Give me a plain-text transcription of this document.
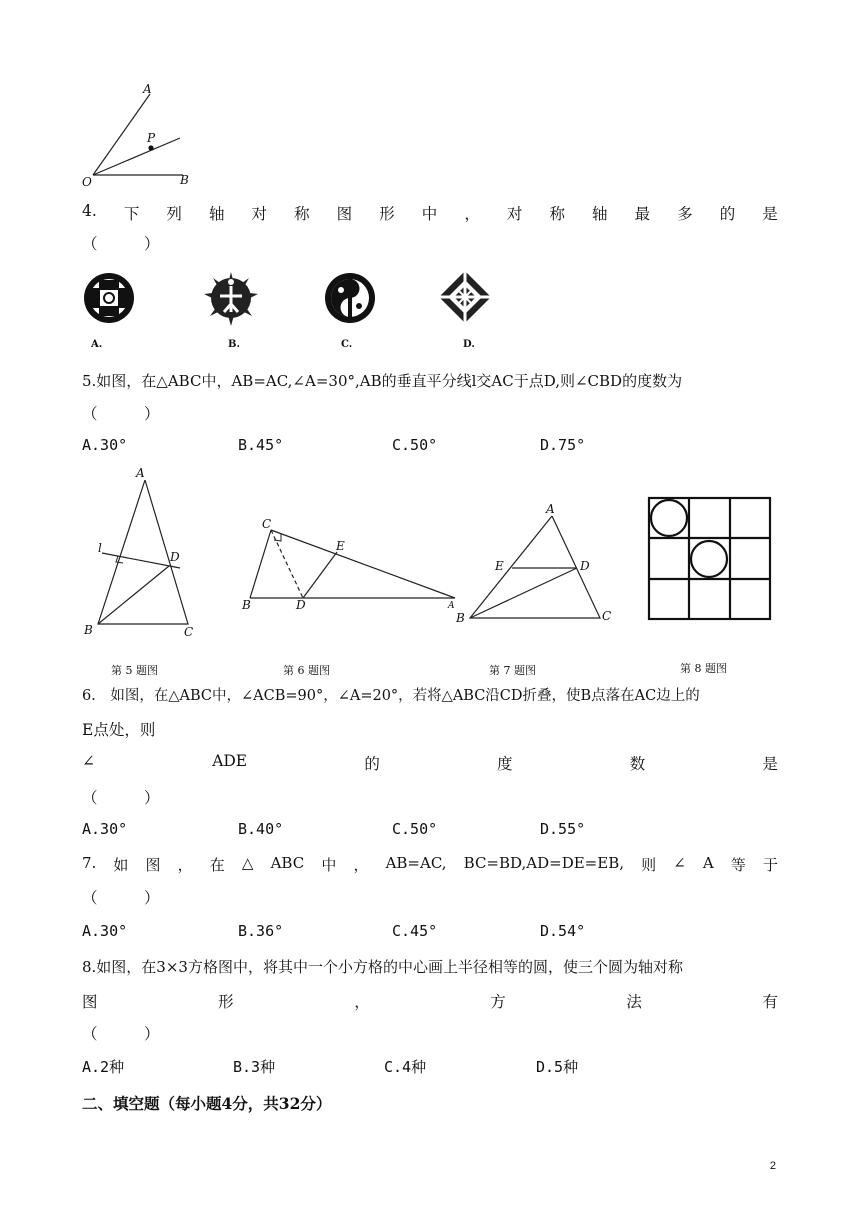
A
P
O	B
4. 下 列 轴 对 称 图 形 中 ， 对 称 轴 最 多 的 是
（　　　）
A.	B.	C.	D.
5.如图，在△ABC中，AB=AC,∠A=30°,AB的垂直平分线l交AC于点D,则∠CBD的度数为
（　　　）
A.30°	B.45°	C.50°	D.75°
A
l
D
B	C
第 5 题图
C
E
B	D	A
第 6 题图
A
E	D
B	C
第 7 题图	第 8 题图
6.　如图，在△ABC中，∠ACB=90°，∠A=20°，若将△ABC沿CD折叠，使B点落在AC边上的
E点处，则
∠	ADE	的	度	数	是
（　　　）
A.30°	B.40°	C.50°	D.55°
7. 如 图 ， 在 △ ABC 中 ， AB=AC, BC=BD,AD=DE=EB, 则 ∠ A 等 于
（　　　）
A.30°	B.36°	C.45°	D.54°
8.如图，在3×3方格图中，将其中一个小方格的中心画上半径相等的圆，使三个圆为轴对称
图	形	，	方	法	有
（　　　）
A.2种	B.3种	C.4种	D.5种
二、填空题（每小题4分，共32分）
2
